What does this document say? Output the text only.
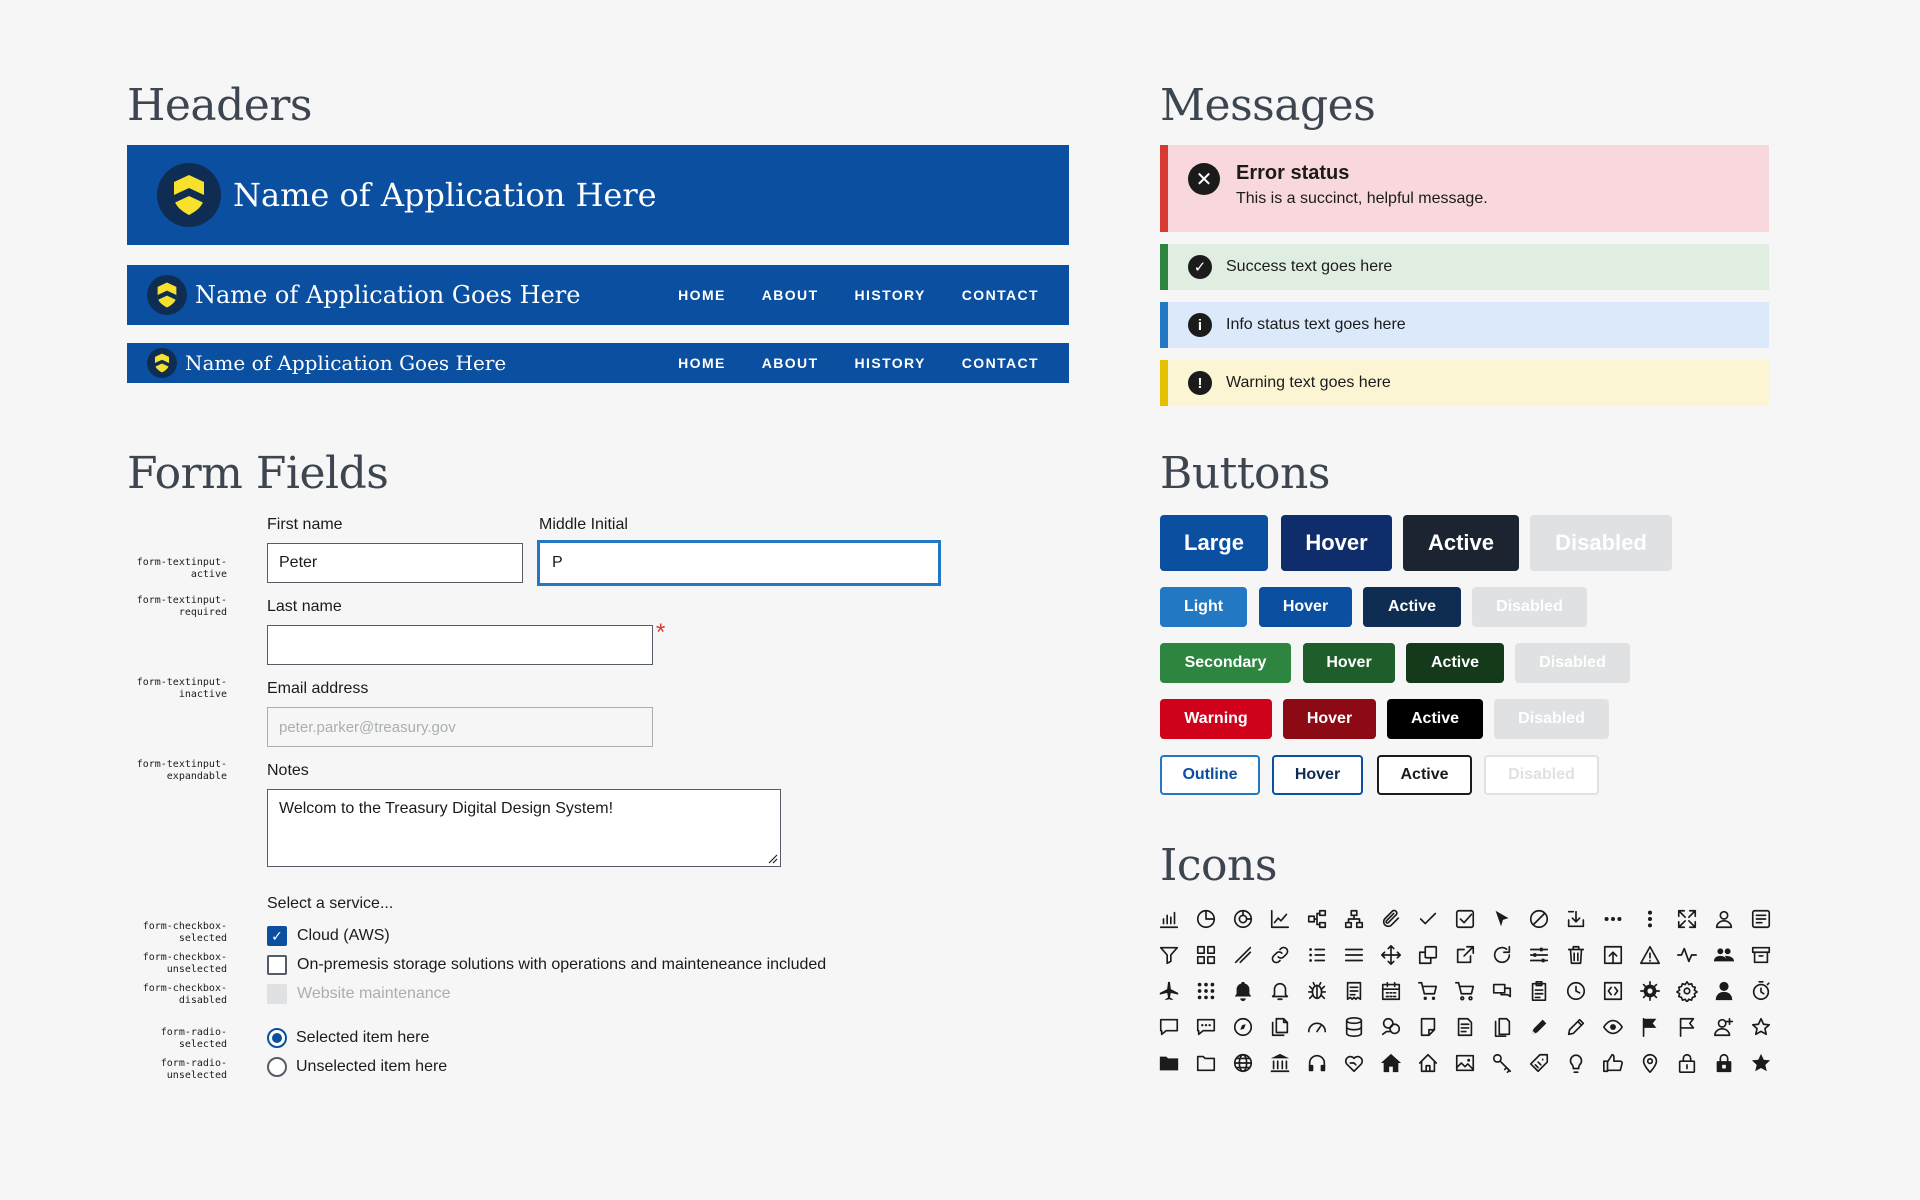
Headers
Name of Application Here
Name of Application Goes Here	HOME	ABOUT	HISTORY	CONTACT
Name of Application Goes Here	HOME	ABOUT	HISTORY	CONTACT
Messages
✕	Error status
This is a succinct, helpful message.
✓	Success text goes here
i	Info status text goes here
!	Warning text goes here
Buttons
Large	Hover	Active	Disabled
Light	Hover	Active	Disabled
Secondary	Hover	Active	Disabled
Warning	Hover	Active	Disabled
Outline	Hover	Active	Disabled
Form Fields
form-textinput-
active
form-textinput-
required
form-textinput-
inactive
form-textinput-
expandable
form-checkbox-
selected
form-checkbox-
unselected
form-checkbox-
disabled
form-radio-
selected
form-radio-
unselected
First name
Peter
Middle Initial
P
Last name
*
Email address
peter.parker@treasury.gov
Notes
Welcom to the Treasury Digital Design System!
Select a service...
✓ Cloud (AWS)
On-premesis storage solutions with operations and mainteneance included
Website maintenance
Selected item here
Unselected item here
Icons
